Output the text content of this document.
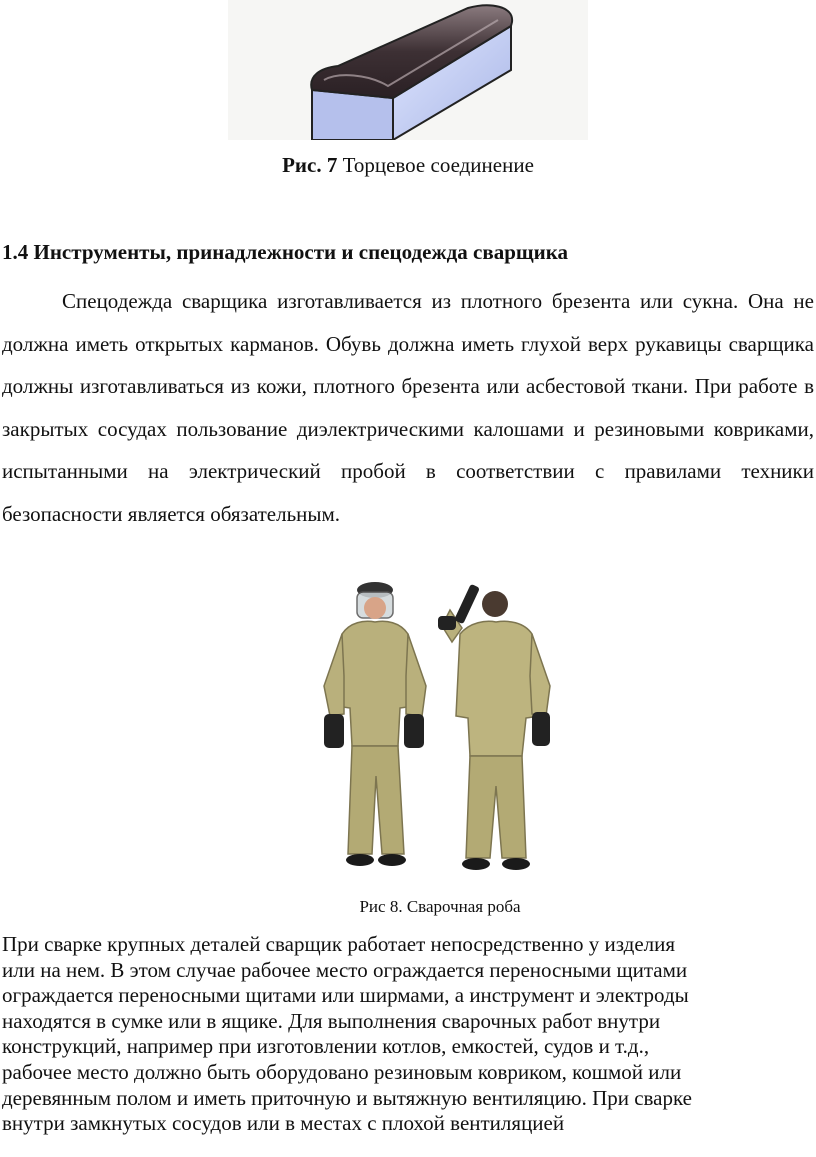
Рис. 7 Торцевое соединение
1.4 Инструменты, принадлежности и спецодежда сварщика
Спецодежда сварщика изготавливается из плотного брезента или сукна. Она не должна иметь открытых карманов. Обувь должна иметь глухой верх рукавицы сварщика должны изготавливаться из кожи, плотного брезента или асбестовой ткани. При работе в закрытых сосудах пользование диэлектрическими калошами и резиновыми ковриками, испытанными на электрический пробой в соответствии с правилами техники безопасности является обязательным.
Рис 8. Сварочная роба

При сварке крупных деталей сварщик работает непосредственно у изделия

или на нем. В этом случае рабочее место ограждается переносными щитами

ограждается переносными щитами или ширмами, а инструмент и электроды

находятся в сумке или в ящике. Для выполнения сварочных работ внутри

конструкций, например при изготовлении котлов, емкостей, судов и т.д.,

рабочее место должно быть оборудовано резиновым ковриком, кошмой или

деревянным полом и иметь приточную и вытяжную вентиляцию. При сварке

внутри замкнутых сосудов или в местах с плохой вентиляцией
